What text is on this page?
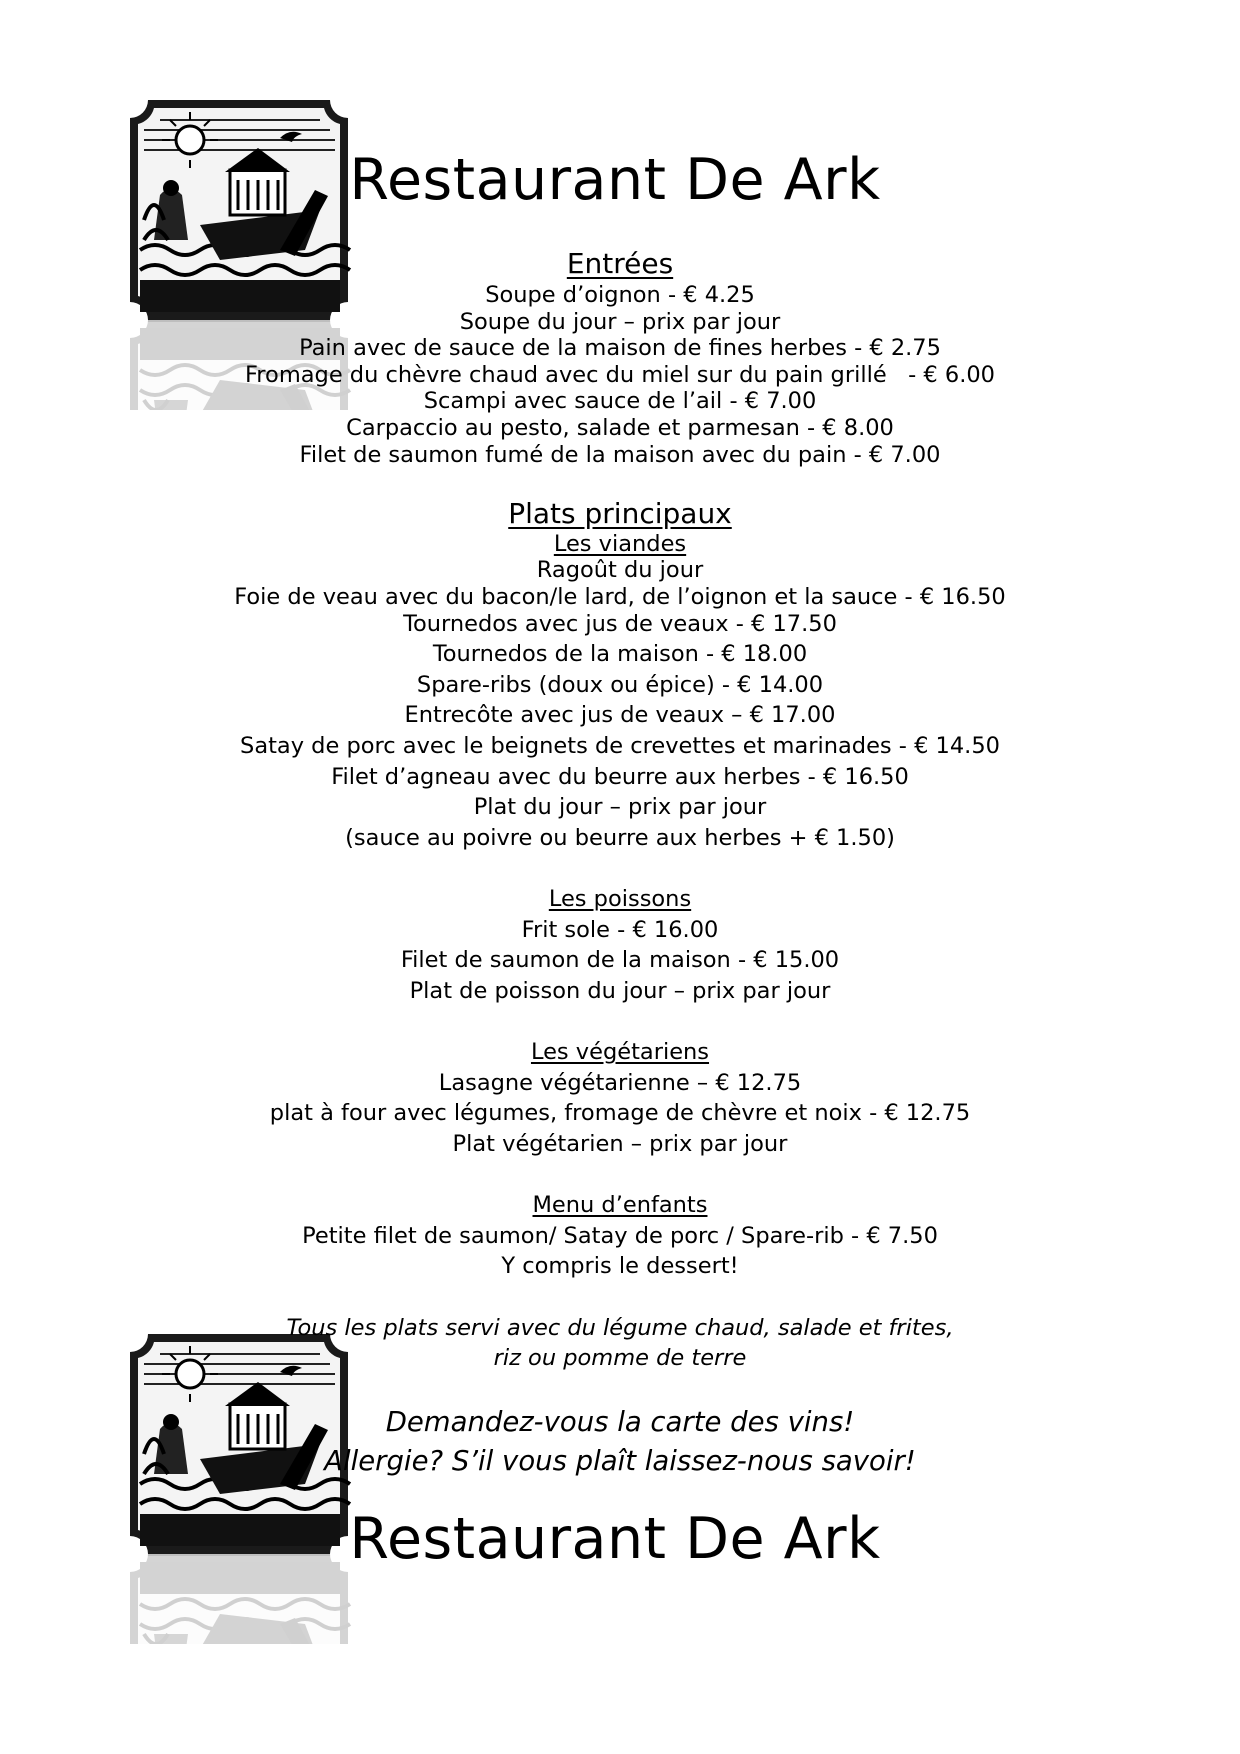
Restaurant De Ark
Entrées
Soupe d’oignon - € 4.25
Soupe du jour – prix par jour
Pain avec de sauce de la maison de fines herbes - € 2.75
Fromage du chèvre chaud avec du miel sur du pain grillé   - € 6.00
Scampi avec sauce de l’ail - € 7.00
Carpaccio au pesto, salade et parmesan - € 8.00
Filet de saumon fumé de la maison avec du pain - € 7.00
Plats principaux
Les viandes
Ragoût du jour
Foie de veau avec du bacon/le lard, de l’oignon et la sauce - € 16.50
Tournedos avec jus de veaux - € 17.50
Tournedos de la maison - € 18.00
Spare-ribs (doux ou épice) - € 14.00
Entrecôte avec jus de veaux – € 17.00
Satay de porc avec le beignets de crevettes et marinades - € 14.50
Filet d’agneau avec du beurre aux herbes - € 16.50
Plat du jour – prix par jour
(sauce au poivre ou beurre aux herbes + € 1.50)
Les poissons
Frit sole - € 16.00
Filet de saumon de la maison - € 15.00
Plat de poisson du jour – prix par jour
Les végétariens
Lasagne végétarienne – € 12.75
plat à four avec légumes, fromage de chèvre et noix - € 12.75
Plat végétarien – prix par jour
Menu d’enfants
Petite filet de saumon/ Satay de porc / Spare-rib - € 7.50
Y compris le dessert!
Tous les plats servi avec du légume chaud, salade et frites,
riz ou pomme de terre
Demandez-vous la carte des vins!
Allergie? S’il vous plaît laissez-nous savoir!
Restaurant De Ark
